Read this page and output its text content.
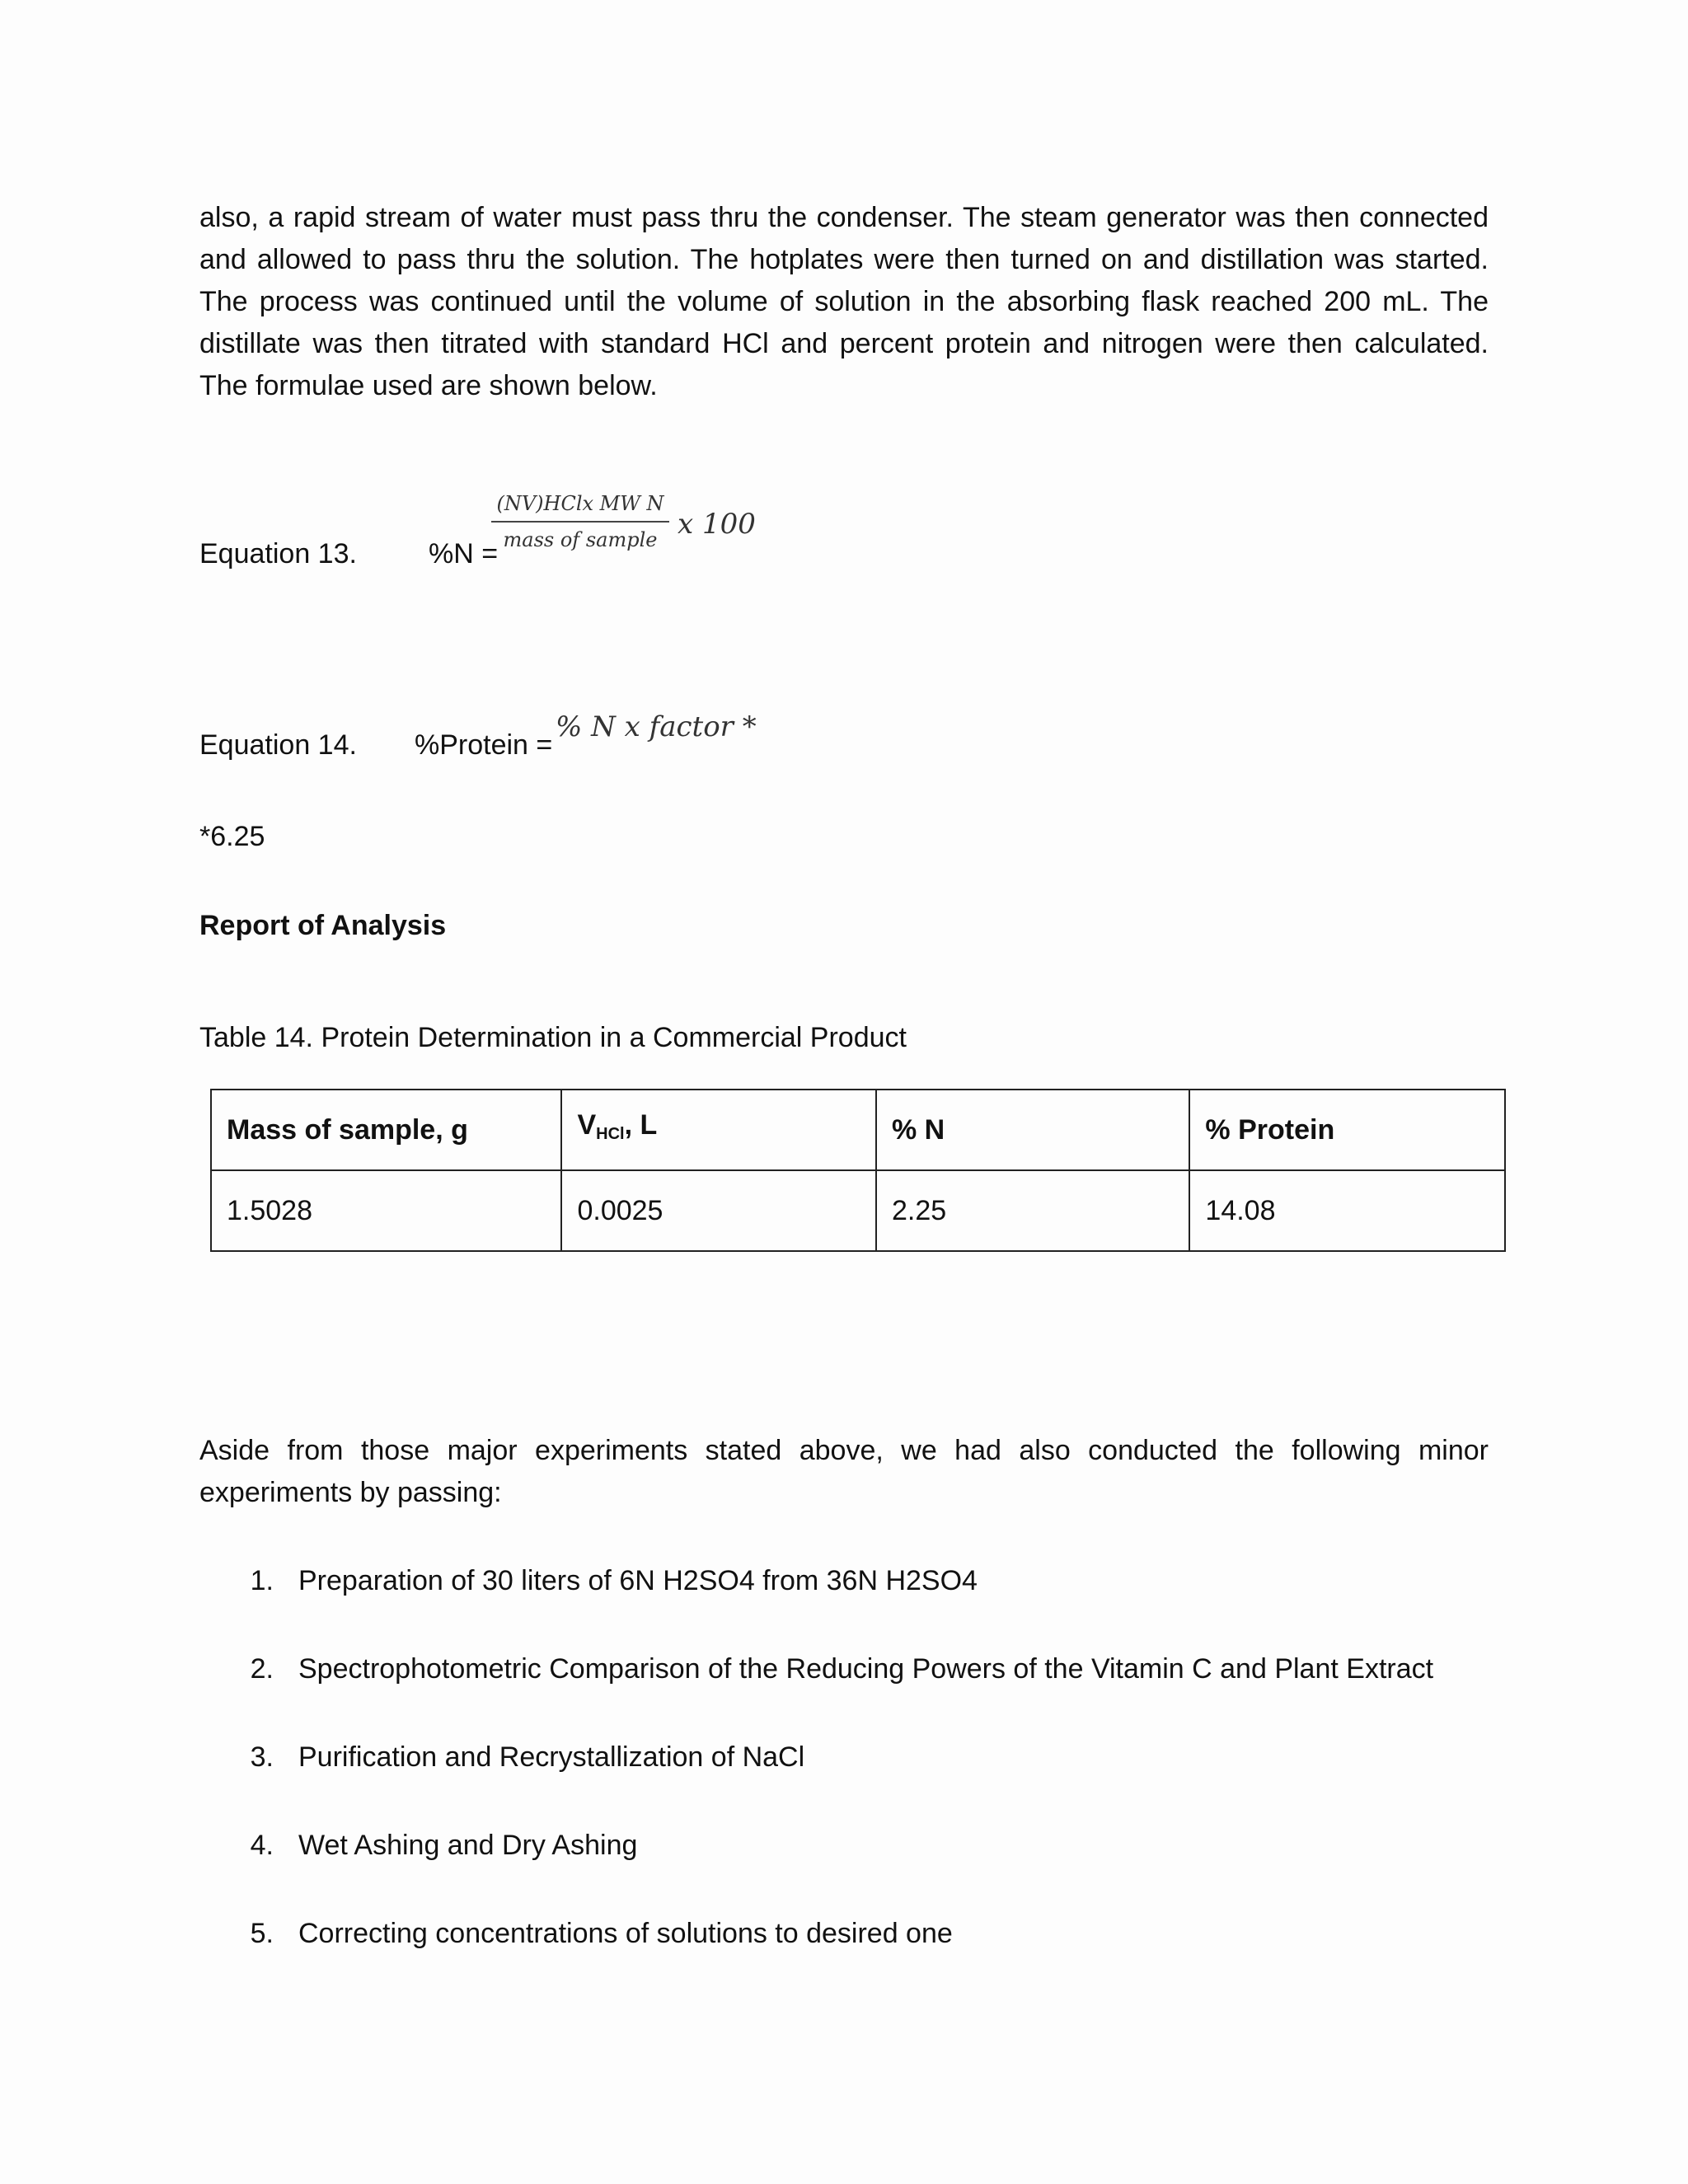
also, a rapid stream of water must pass thru the condenser. The steam generator was then connected
and allowed to pass thru the solution. The hotplates were then turned on and distillation was started.
The process was continued until the volume of solution in the absorbing flask reached 200 mL. The
distillate was then titrated with standard HCl and percent protein and nitrogen were then calculated.
The formulae used are shown below.
Equation 13.	%N =
(NV)HClx MW N
mass of sample x 100
Equation 14. %Protein =
% N x factor *
*6.25
Report of Analysis
Table 14. Protein Determination in a Commercial Product
Mass of sample, g	$V_{HCl}$, L	% N	% Protein
1.5028	0.0025	2.25	14.08
Aside from those major experiments stated above, we had also conducted the following minor
experiments by passing:
1. Preparation of 30 liters of 6N H2SO4 from 36N H2SO4
2. Spectrophotometric Comparison of the Reducing Powers of the Vitamin C and Plant Extract
3. Purification and Recrystallization of NaCl
4. Wet Ashing and Dry Ashing
5. Correcting concentrations of solutions to desired one
